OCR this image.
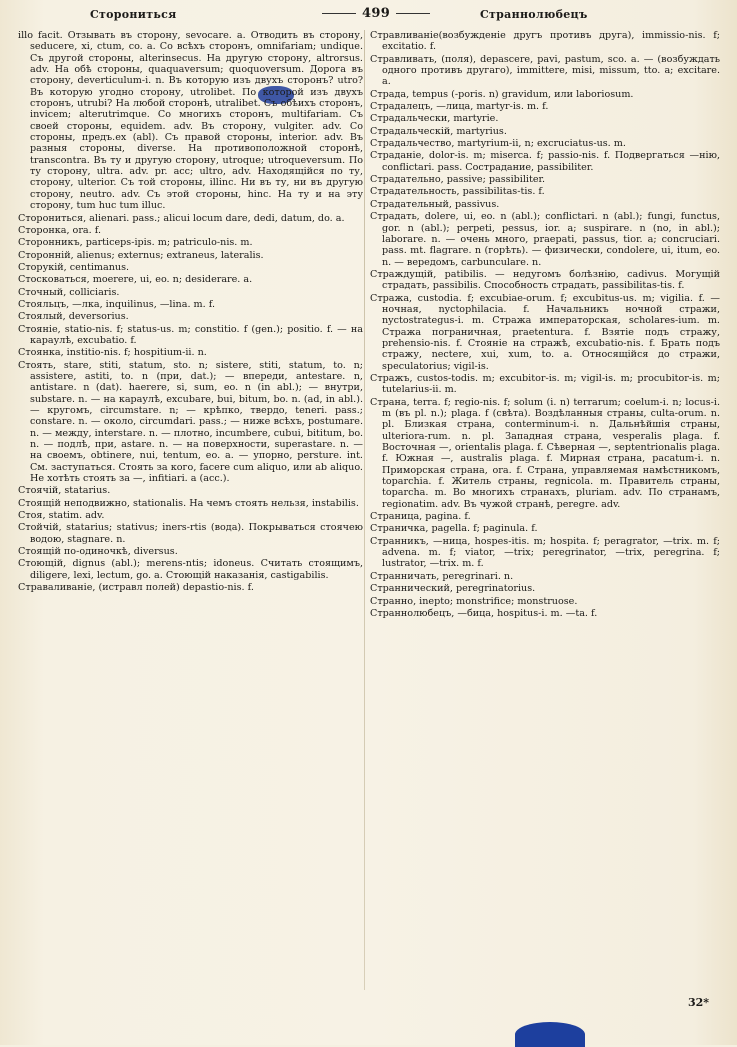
Сторониться	499	Страннолюбецъ
illo facit. Отзывать въ сторону, sevocare. a. Отводить въ сторону, seducere, xi, ctum, co. a. Со всѣхъ сторонъ, omnifariam; undique. Съ другой стороны, alterinsecus. На другую сторону, altrorsus. adv. На обѣ стороны, quaquaversum; quoquoversum. Дорога въ сторону, deverticulum-i. n. Въ которую изъ двухъ сторонъ? utro? Въ которую угодно сторону, utrolibet. По которой изъ двухъ сторонъ, utrubi? На любой сторонѣ, utralibet. Съ обѣихъ сторонъ, invicem; alterutrimque. Со многихъ сторонъ, multifariam. Съ своей стороны, equidem. adv. Въ сторону, vulgiter. adv. Со стороны, предъ.ех (abl). Съ правой стороны, interior. adv. Въ разныя стороны, diverse. На противоположной сторонѣ, transcontra. Въ ту и другую сторону, utroque; utroqueversum. По ту сторону, ultra. adv. pr. acc; ultro, adv. Находящійся по ту, сторону, ulterior. Съ той стороны, illinc. Ни въ ту, ни въ другую сторону, neutro. adv. Съ этой стороны, hinc. На ту и на эту сторону, tum huc tum illuc.
Сторониться, alienari. pass.; alicui locum dare, dedi, datum, do. a.
Сторонка, ora. f.
Сторонникъ, particeps-ipis. m; patriculo-nis. m.
Сторонній, alienus; externus; extraneus, lateralis.
Сторукій, centimanus.
Стосковаться, moerere, ui, eo. n; desiderare. a.
Сточный, colliciaris.
Стояльцъ, —лка, inquilinus, —lina. m. f.
Стоялый, deversorius.
Стояніе, statio-nis. f; status-us. m; constitio. f (gen.); positio. f. — на караулѣ, excubatio. f.
Стоянка, institio-nis. f; hospitium-ii. n.
Стоять, stare, stiti, statum, sto. n; sistere, stiti, statum, to. n; assistere, astiti, to. n (при, dat.); — впереди, antestare. n, antistare. n (dat). haerere, si, sum, eo. n (in abl.); — внутри, substare. n. — на караулѣ, excubare, bui, bitum, bo. n. (ad, in abl.). — кругомъ, circumstare. n; — крѣпко, твердо, teneri. pass.; constare. n. — около, circumdari. pass.; — ниже всѣхъ, postumare. n. — между, interstare. n. — плотно, incumbere, cubui, bititum, bo. n. — подлѣ, при, astare. n. — на поверхности, superastare. n. — на своемъ, obtinere, nui, tentum, eo. a. — упорно, persture. int. См. заступаться. Стоять за кого, facere cum aliquo, или ab aliquo. Не хотѣть стоять за —, infitiari. a (acc.).
Стоячій, statarius.
Стоящій неподвижно, stationalis. На чемъ стоять нельзя, instabilis.
Стоя, statim. adv.
Стойчій, statarius; stativus; iners-rtis (вода). Покрываться стоячею водою, stagnare. n.
Стоящій по-одиночкѣ, diversus.
Стоющій, dignus (abl.); merens-ntis; idoneus. Считать стоящимъ, diligere, lexi, lectum, go. a. Стоющій наказанія, castigabilis.
Страваливаніе, (истравл полей) depastio-nis. f.
Стравливаніе(возбужденіе другъ противъ друга), immissio-nis. f; excitatio. f.
Стравливать, (поля), depascere, pavi, pastum, sco. a. — (возбуждать одного противъ другаго), immittere, misi, missum, tto. a; excitare. a.
Страда, tempus (-poris. n) gravidum, или laboriosum.
Страдалецъ, —лица, martyr-is. m. f.
Страдальчески, martyrie.
Страдальческій, martyrius.
Страдальчество, martyrium-ii, n; excruciatus-us. m.
Страданіе, dolor-is. m; miserca. f; passio-nis. f. Подвергаться —нію, conflictari. pass. Сострадание, passibiliter.
Страдательно, passive; passibiliter.
Страдательность, passibilitas-tis. f.
Страдательный, passivus.
Страдать, dolere, ui, eo. n (abl.); conflictari. n (abl.); fungi, functus, gor. n (abl.); perpeti, pessus, ior. a; suspirare. n (no, in abl.); laborare. n. — очень много, praepati, passus, tior. a; concruciari. pass. mt. flagrare. n (горѣть). — физически, condolere, ui, itum, eo. n. — вередомъ, carbunculare. n.
Страждущій, patibilis. — недугомъ болѣзнію, cadivus. Могущій страдать, passibilis. Способность страдать, passibilitas-tis. f.
Стража, custodia. f; excubiae-orum. f; excubitus-us. m; vigilia. f. — ночная, nyctophilacia. f. Начальникъ ночной стражи, nyctostrategus-i. m. Стража императорская, scholares-ium. m. Стража пограничная, praetentura. f. Взятіе подъ стражу, prehensio-nis. f. Стояніе на стражѣ, excubatio-nis. f. Брать подъ стражу, nectere, xui, xum, to. a. Относящійся до стражи, speculatorius; vigil-is.
Стражъ, custos-todis. m; excubitor-is. m; vigil-is. m; procubitor-is. m; tutelarius-ii. m.
Страна, terra. f; regio-nis. f; solum (i. n) terrarum; coelum-i. n; locus-i. m (въ pl. n.); plaga. f (свѣта). Воздѣланныя страны, culta-orum. n. pl. Близкая страна, conterminum-i. n. Дальнѣйшія страны, ulteriora-rum. n. pl. Западная страна, vesperalis plaga. f. Восточная —, orientalis plaga. f. Сѣверная —, septentrionalis plaga. f. Южная —, australis plaga. f. Мирная страна, pacatum-i. n. Приморская страна, ora. f. Страна, управляемая намѣстникомъ, toparchia. f. Житель страны, regnicola. m. Правитель страны, toparcha. m. Во многихъ странахъ, pluriam. adv. По странамъ, regionatim. adv. Въ чужой странѣ, peregre. adv.
Страница, pagina. f.
Страничка, pagella. f; paginula. f.
Странникъ, —ница, hospes-itis. m; hospita. f; peragrator, —trix. m. f; advena. m. f; viator, —trix; peregrinator, —trix, peregrina. f; lustrator, —trix. m. f.
Странничать, peregrinari. n.
Страннический, peregrinatorius.
Странно, inepto; monstrifice; monstruose.
Страннолюбецъ, —бица, hospitus-i. m. —ta. f.
32*
